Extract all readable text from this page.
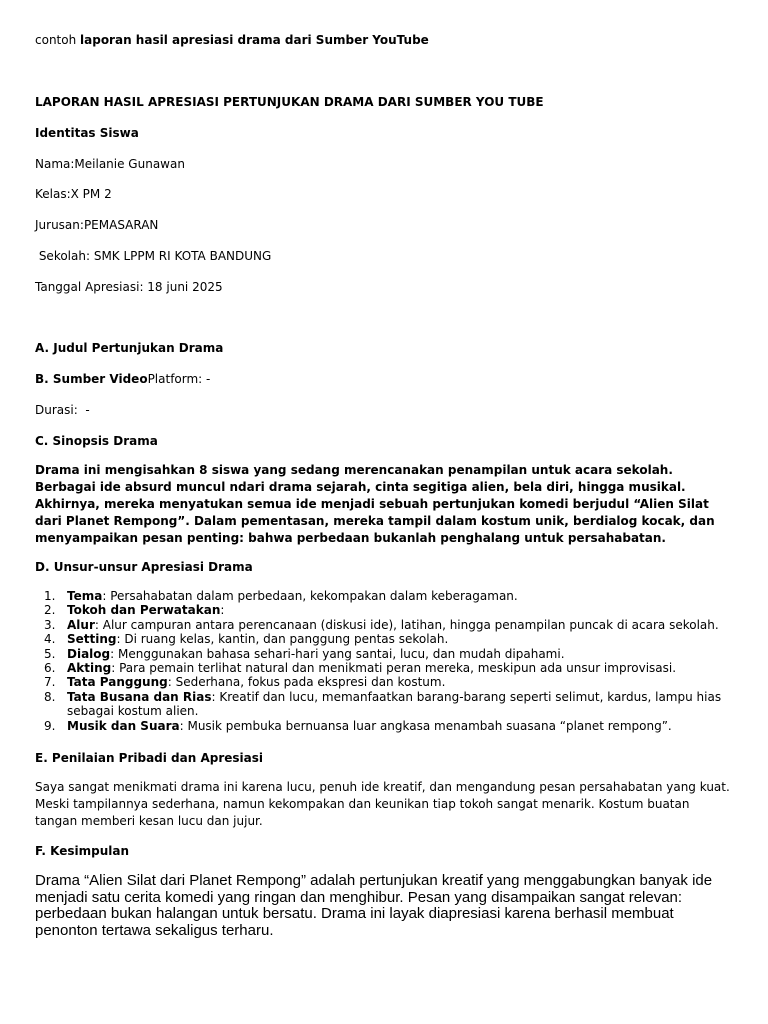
contoh laporan hasil apresiasi drama dari Sumber YouTube
LAPORAN HASIL APRESIASI PERTUNJUKAN DRAMA DARI SUMBER YOU TUBE
Identitas Siswa
Nama:Meilanie Gunawan
Kelas:X PM 2
Jurusan:PEMASARAN
Sekolah: SMK LPPM RI KOTA BANDUNG
Tanggal Apresiasi: 18 juni 2025
A. Judul Pertunjukan Drama
B. Sumber VideoPlatform: -
Durasi:  -
C. Sinopsis Drama
Drama ini mengisahkan 8 siswa yang sedang merencanakan penampilan untuk acara sekolah. Berbagai ide absurd muncul ndari drama sejarah, cinta segitiga alien, bela diri, hingga musikal. Akhirnya, mereka menyatukan semua ide menjadi sebuah pertunjukan komedi berjudul “Alien Silat dari Planet Rempong”. Dalam pementasan, mereka tampil dalam kostum unik, berdialog kocak, dan menyampaikan pesan penting: bahwa perbedaan bukanlah penghalang untuk persahabatan.
D. Unsur-unsur Apresiasi Drama
1. Tema: Persahabatan dalam perbedaan, kekompakan dalam keberagaman.
2. Tokoh dan Perwatakan:
3. Alur: Alur campuran antara perencanaan (diskusi ide), latihan, hingga penampilan puncak di acara sekolah.
4. Setting: Di ruang kelas, kantin, dan panggung pentas sekolah.
5. Dialog: Menggunakan bahasa sehari-hari yang santai, lucu, dan mudah dipahami.
6. Akting: Para pemain terlihat natural dan menikmati peran mereka, meskipun ada unsur improvisasi.
7. Tata Panggung: Sederhana, fokus pada ekspresi dan kostum.
8. Tata Busana dan Rias: Kreatif dan lucu, memanfaatkan barang-barang seperti selimut, kardus, lampu hias sebagai kostum alien.
9. Musik dan Suara: Musik pembuka bernuansa luar angkasa menambah suasana “planet rempong”.
E. Penilaian Pribadi dan Apresiasi
Saya sangat menikmati drama ini karena lucu, penuh ide kreatif, dan mengandung pesan persahabatan yang kuat. Meski tampilannya sederhana, namun kekompakan dan keunikan tiap tokoh sangat menarik. Kostum buatan tangan memberi kesan lucu dan jujur.
F. Kesimpulan
Drama “Alien Silat dari Planet Rempong” adalah pertunjukan kreatif yang menggabungkan banyak ide menjadi satu cerita komedi yang ringan dan menghibur. Pesan yang disampaikan sangat relevan: perbedaan bukan halangan untuk bersatu. Drama ini layak diapresiasi karena berhasil membuat penonton tertawa sekaligus terharu.
